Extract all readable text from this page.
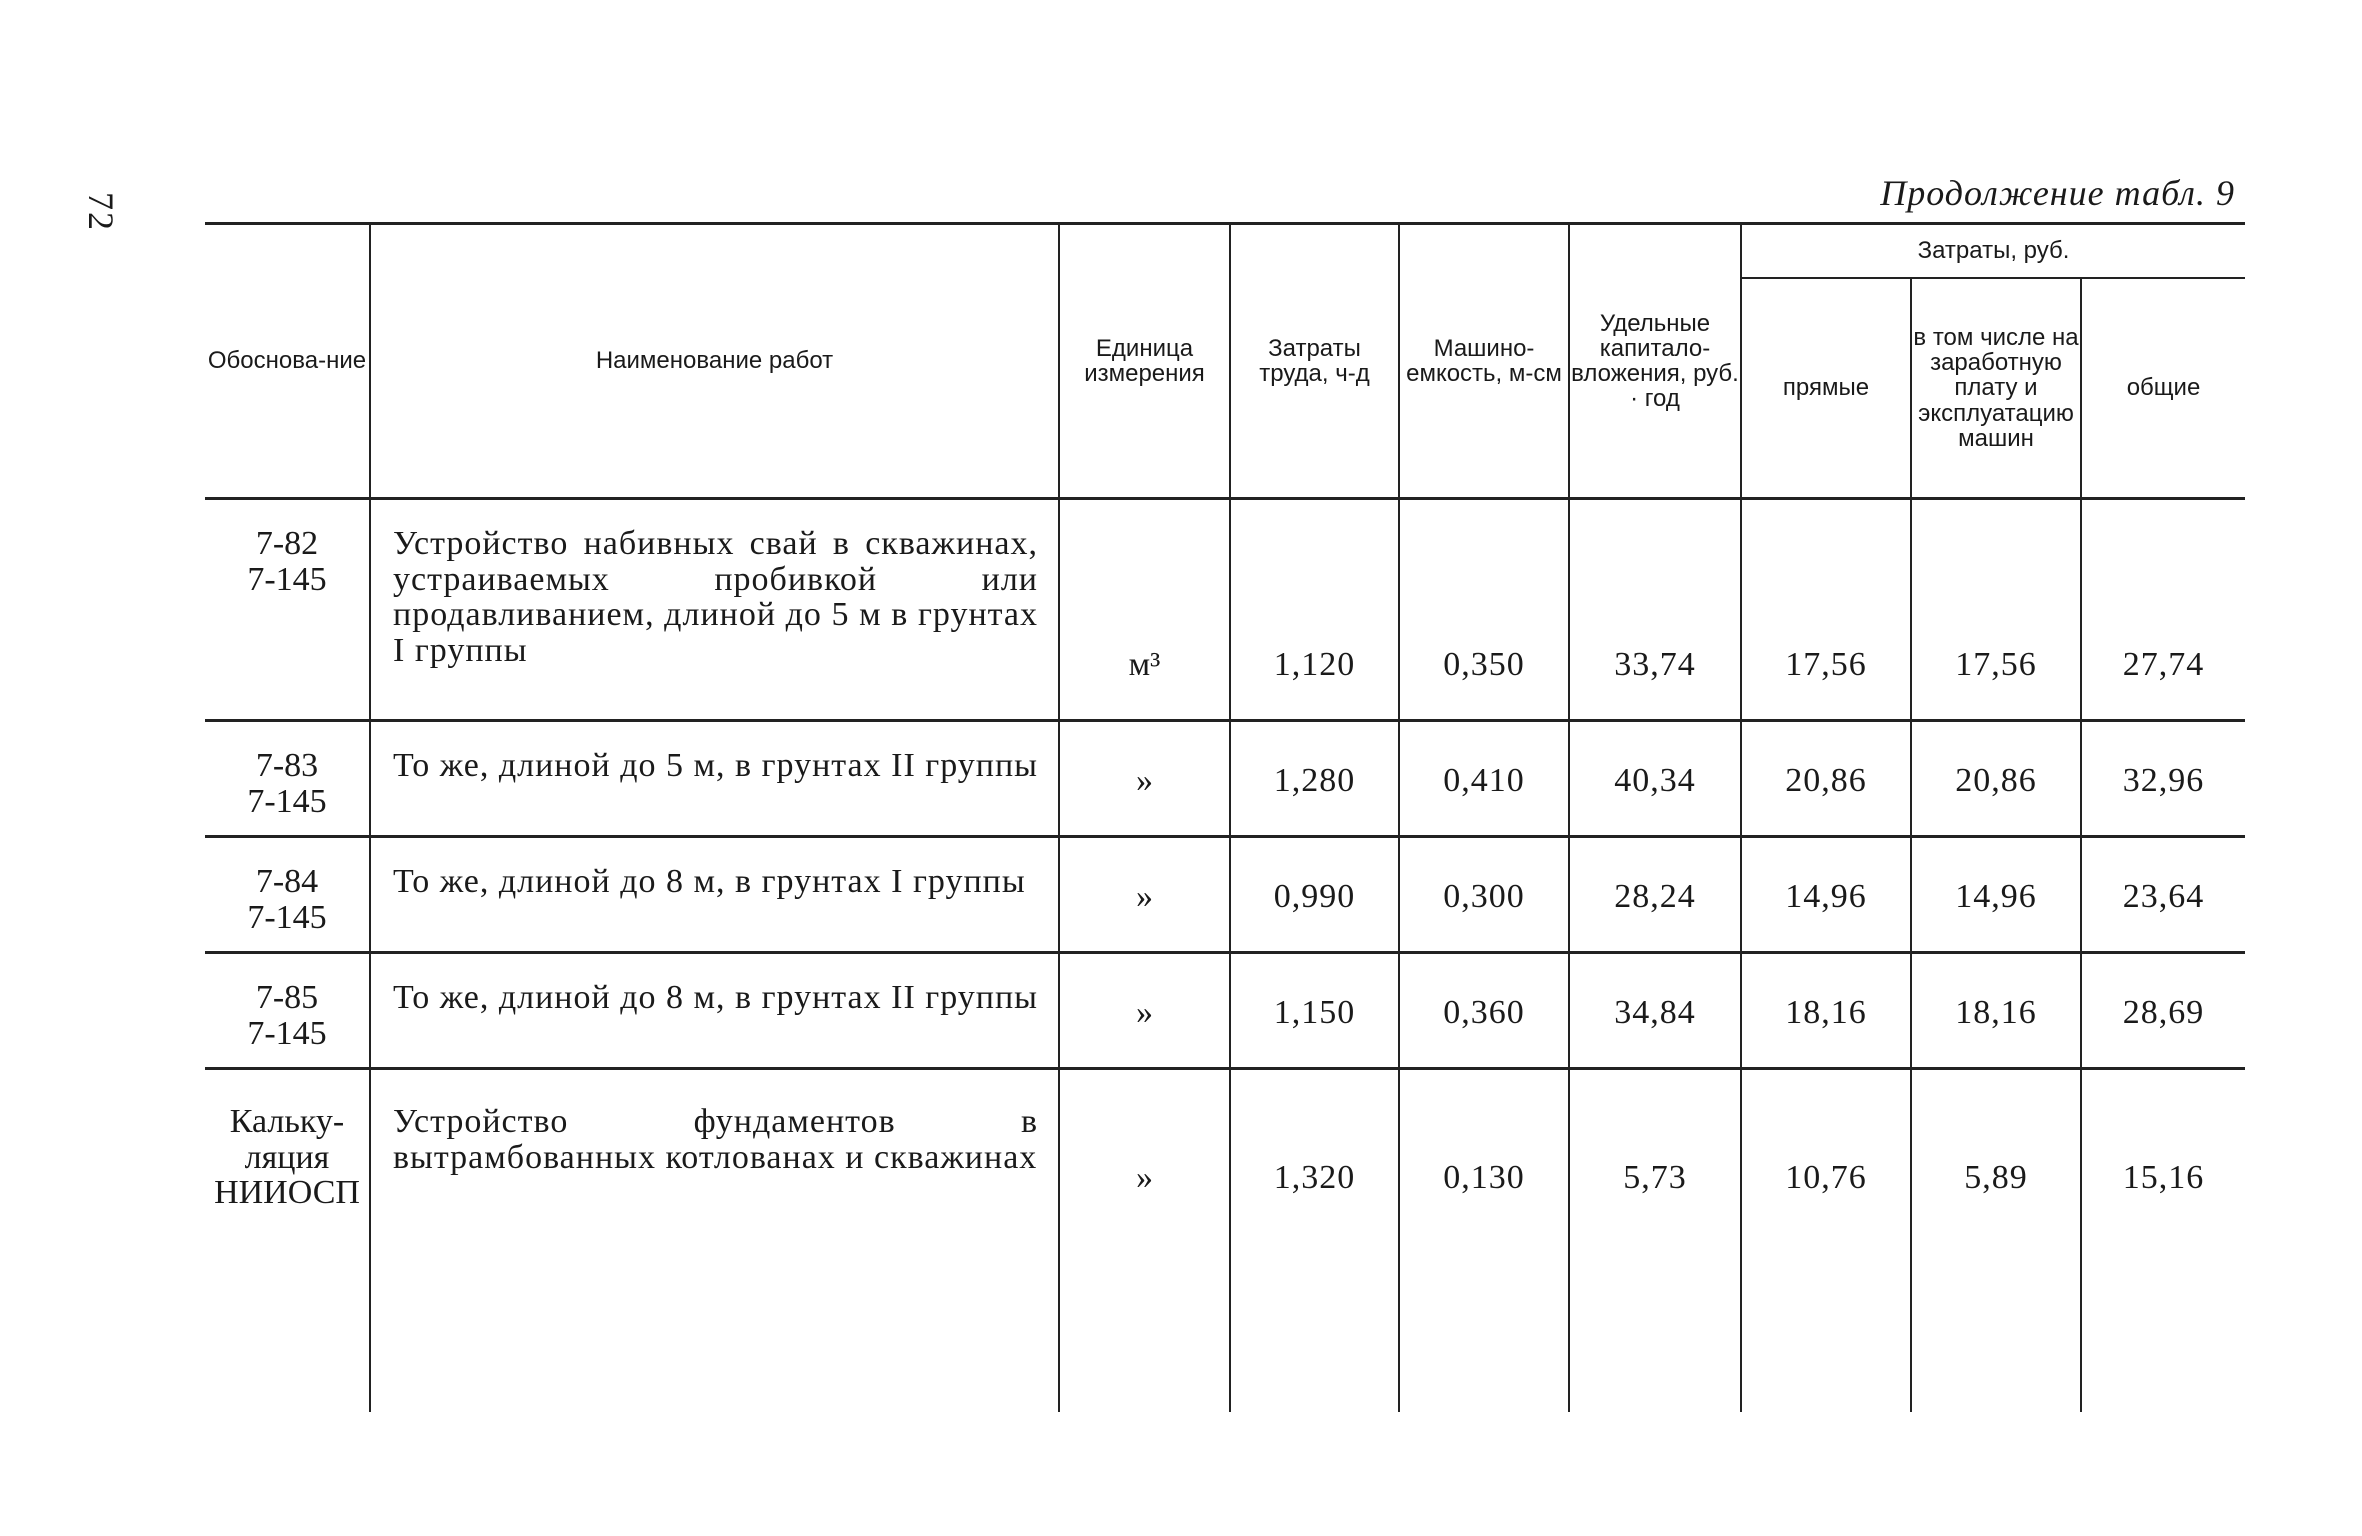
72	Продолжение табл. 9
Обоснова-ние	Наименование работ	Единица измерения	Затраты труда, ч-д	Машино-емкость, м-см	Удельные капитало-вложения, руб. · год	Затраты, руб.		
						прямые	в том числе на заработную плату и эксплуатацию машин	общие

7-82
7-145	Устройство набивных свай в скважинах, устраиваемых пробивкой или продавливанием, длиной до 5 м в грунтах I группы	м³	1,120	0,350	33,74	17,56	17,56	27,74

7-83
7-145	То же, длиной до 5 м, в грунтах II группы	»	1,280	0,410	40,34	20,86	20,86	32,96

7-84
7-145	То же, длиной до 8 м, в грунтах I группы	»	0,990	0,300	28,24	14,96	14,96	23,64

7-85
7-145	То же, длиной до 8 м, в грунтах II группы	»	1,150	0,360	34,84	18,16	18,16	28,69

Кальку-
ляция
НИИОСП	Устройство фундаментов в вытрамбованных котлованах и скважинах	»	1,320	0,130	5,73	10,76	5,89	15,16
